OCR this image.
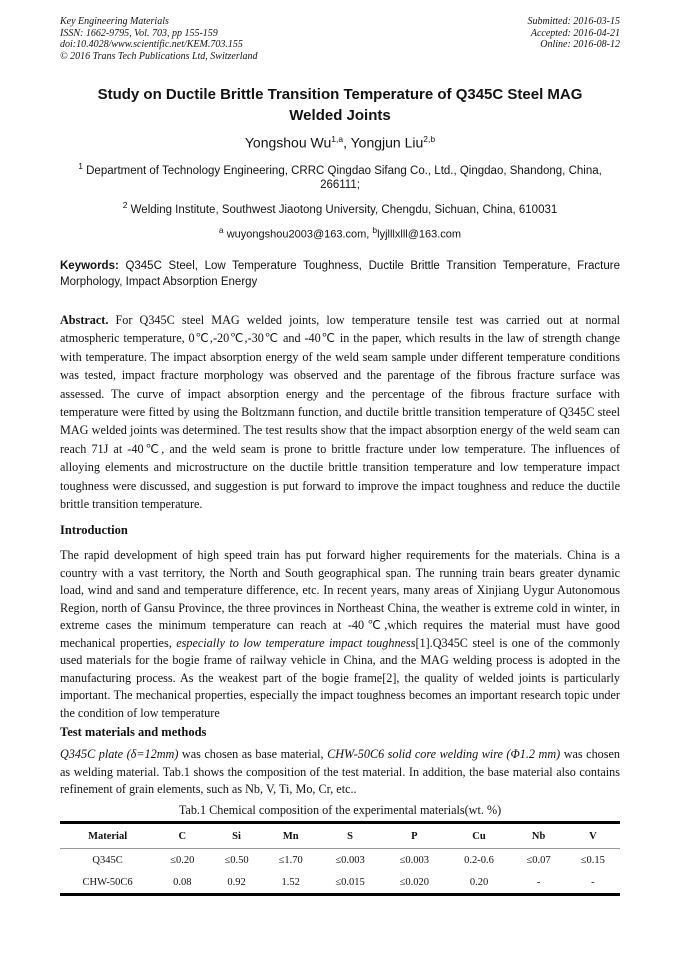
Key Engineering Materials
ISSN: 1662-9795, Vol. 703, pp 155-159
doi:10.4028/www.scientific.net/KEM.703.155
© 2016 Trans Tech Publications Ltd, Switzerland
Submitted: 2016-03-15
Accepted: 2016-04-21
Online: 2016-08-12
Study on Ductile Brittle Transition Temperature of Q345C Steel MAG
Welded Joints
Yongshou Wu$^{1,a}$, Yongjun Liu$^{2,b}$
$^1$ Department of Technology Engineering, CRRC Qingdao Sifang Co., Ltd., Qingdao, Shandong, China, 266111;
$^2$ Welding Institute, Southwest Jiaotong University, Chengdu, Sichuan, China, 610031
$^a$ wuyongshou2003@163.com, $^b$lyjlllxlll@163.com
Keywords: Q345C Steel, Low Temperature Toughness, Ductile Brittle Transition Temperature, Fracture Morphology, Impact Absorption Energy
Abstract. For Q345C steel MAG welded joints, low temperature tensile test was carried out at normal atmospheric temperature, 0℃,-20℃,-30℃ and -40℃ in the paper, which results in the law of strength change with temperature. The impact absorption energy of the weld seam sample under different temperature conditions was tested, impact fracture morphology was observed and the parentage of the fibrous fracture surface was assessed. The curve of impact absorption energy and the percentage of the fibrous fracture surface with temperature were fitted by using the Boltzmann function, and ductile brittle transition temperature of Q345C steel MAG welded joints was determined. The test results show that the impact absorption energy of the weld seam can reach 71J at -40℃, and the weld seam is prone to brittle fracture under low temperature. The influences of alloying elements and microstructure on the ductile brittle transition temperature and low temperature impact toughness were discussed, and suggestion is put forward to improve the impact toughness and reduce the ductile brittle transition temperature.
Introduction

The rapid development of high speed train has put forward higher requirements for the materials. China is a country with a vast territory, the North and South geographical span. The running train bears greater dynamic load, wind and sand and temperature difference, etc. In recent years, many areas of Xinjiang Uygur Autonomous Region, north of Gansu Province, the three provinces in Northeast China, the weather is extreme cold in winter, in extreme cases the minimum temperature can reach at -40℃,which requires the material must have good mechanical properties, especially to low temperature impact toughness[1].Q345C steel is one of the commonly used materials for the bogie frame of railway vehicle in China, and the MAG welding process is adopted in the manufacturing process. As the weakest part of the bogie frame[2], the quality of welded joints is particularly important. The mechanical properties, especially the impact toughness becomes an important research topic under the condition of low temperature

Test materials and methods

Q345C plate (δ=12mm) was chosen as base material, CHW-50C6 solid core welding wire (Φ1.2 mm) was chosen as welding material. Tab.1 shows the composition of the test material. In addition, the base material also contains refinement of grain elements, such as Nb, V, Ti, Mo, Cr, etc..

Tab.1 Chemical composition of the experimental materials(wt. %)
Material	C	Si	Mn	S	P	Cu	Nb	V
Q345C	≤0.20	≤0.50	≤1.70	≤0.003	≤0.003	0.2-0.6	≤0.07	≤0.15
CHW-50C6	0.08	0.92	1.52	≤0.015	≤0.020	0.20	-	-
